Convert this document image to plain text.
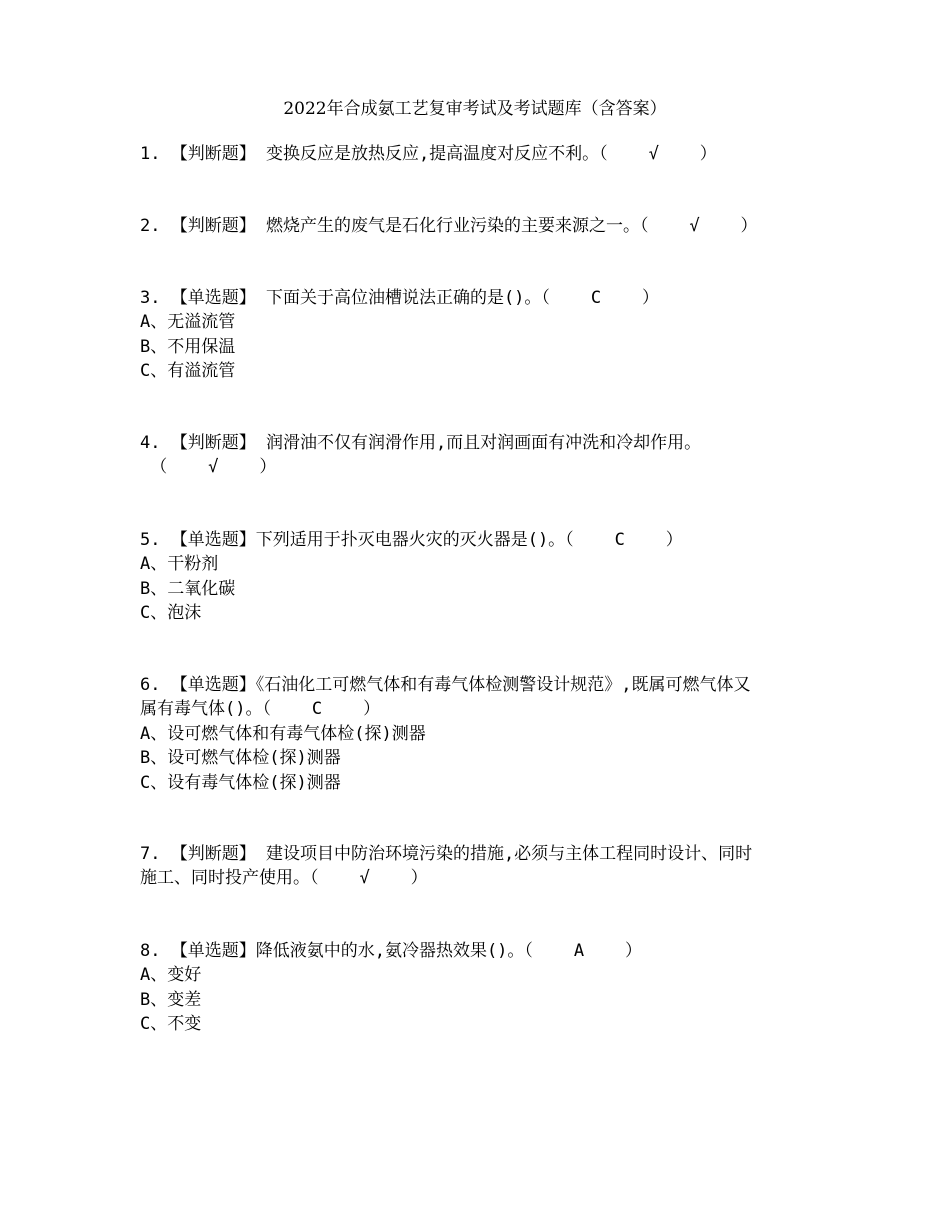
2022年合成氨工艺复审考试及考试题库（含答案）
1. 【判断题】 变换反应是放热反应,提高温度对反应不利。（    √    ）
2. 【判断题】 燃烧产生的废气是石化行业污染的主要来源之一。（    √    ）
3. 【单选题】 下面关于高位油槽说法正确的是()。（    C    ）
A、无溢流管
B、不用保温
C、有溢流管
4. 【判断题】 润滑油不仅有润滑作用,而且对润画面有冲洗和冷却作用。
（    √    ）
5. 【单选题】下列适用于扑灭电器火灾的灭火器是()。（    C    ）
A、干粉剂
B、二氧化碳
C、泡沫
6. 【单选题】《石油化工可燃气体和有毒气体检测警设计规范》,既属可燃气体又
属有毒气体()。（    C    ）
A、设可燃气体和有毒气体检(探)测器
B、设可燃气体检(探)测器
C、设有毒气体检(探)测器
7. 【判断题】 建设项目中防治环境污染的措施,必须与主体工程同时设计、同时
施工、同时投产使用。（    √    ）
8. 【单选题】降低液氨中的水,氨冷器热效果()。（    A    ）
A、变好
B、变差
C、不变
